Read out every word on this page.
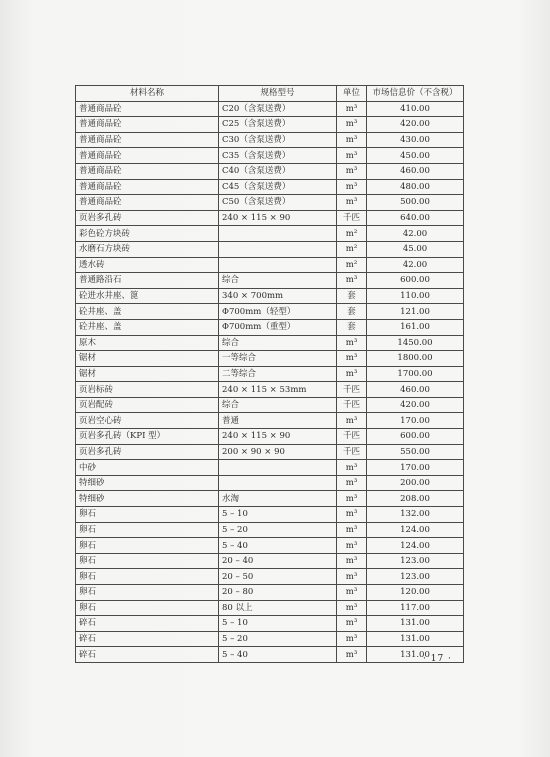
材料名称	规格型号	单位	市场信息价（不含税）
普通商品砼	C20（含泵送费）	m³	410.00
普通商品砼	C25（含泵送费）	m³	420.00
普通商品砼	C30（含泵送费）	m³	430.00
普通商品砼	C35（含泵送费）	m³	450.00
普通商品砼	C40（含泵送费）	m³	460.00
普通商品砼	C45（含泵送费）	m³	480.00
普通商品砼	C50（含泵送费）	m³	500.00
页岩多孔砖	240 × 115 × 90	千匹	640.00
彩色砼方块砖		m²	42.00
水磨石方块砖		m²	45.00
透水砖		m²	42.00
普通路沿石	综合	m³	600.00
砼进水井座、篦	340 × 700mm	套	110.00
砼井座、盖	Φ700mm（轻型）	套	121.00
砼井座、盖	Φ700mm（重型）	套	161.00
原木	综合	m³	1450.00
锯材	一等综合	m³	1800.00
锯材	二等综合	m³	1700.00
页岩标砖	240 × 115 × 53mm	千匹	460.00
页岩配砖	综合	千匹	420.00
页岩空心砖	普通	m³	170.00
页岩多孔砖（KPI 型）	240 × 115 × 90	千匹	600.00
页岩多孔砖	200 × 90 × 90	千匹	550.00
中砂		m³	170.00
特细砂		m³	200.00
特细砂	水淘	m³	208.00
卵石	5 – 10	m³	132.00
卵石	5 – 20	m³	124.00
卵石	5 – 40	m³	124.00
卵石	20 – 40	m³	123.00
卵石	20 – 50	m³	123.00
卵石	20 – 80	m³	120.00
卵石	80 以上	m³	117.00
碎石	5 – 10	m³	131.00
碎石	5 – 20	m³	131.00
碎石	5 – 40	m³	131.00
· 17 ·
